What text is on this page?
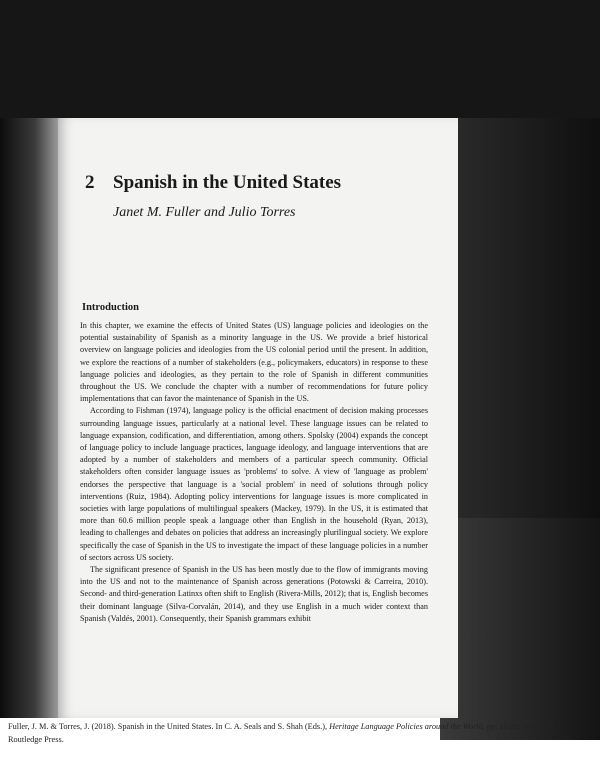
2 Spanish in the United States
Janet M. Fuller and Julio Torres
Introduction

In this chapter, we examine the effects of United States (US) language policies and ideologies on the potential sustainability of Spanish as a minority language in the US. We provide a brief historical overview on language policies and ideologies from the US colonial period until the present. In addition, we explore the reactions of a number of stakeholders (e.g., policymakers, educators) in response to these language policies and ideologies, as they pertain to the role of Spanish in different communities throughout the US. We conclude the chapter with a number of recommendations for future policy implementations that can favor the maintenance of Spanish in the US.

According to Fishman (1974), language policy is the official enactment of decision making processes surrounding language issues, particularly at a national level. These language issues can be related to language expansion, codification, and differentiation, among others. Spolsky (2004) expands the concept of language policy to include language practices, language ideology, and language interventions that are adopted by a number of stakeholders and members of a particular speech community. Official stakeholders often consider language issues as 'problems' to solve. A view of 'language as problem' endorses the perspective that language is a 'social problem' in need of solutions through policy interventions (Ruiz, 1984). Adopting policy interventions for language issues is more complicated in societies with large populations of multilingual speakers (Mackey, 1979). In the US, it is estimated that more than 60.6 million people speak a language other than English in the household (Ryan, 2013), leading to challenges and debates on policies that address an increasingly plurilingual society. We explore specifically the case of Spanish in the US to investigate the impact of these language policies in a number of sectors across US society.

The significant presence of Spanish in the US has been mostly due to the flow of immigrants moving into the US and not to the maintenance of Spanish across generations (Potowski & Carreira, 2010). Second- and third-generation Latinxs often shift to English (Rivera-Mills, 2012); that is, English becomes their dominant language (Silva-Corvalán, 2014), and they use English in a much wider context than Spanish (Valdés, 2001). Consequently, their Spanish grammars exhibit

Fuller, J. M. & Torres, J. (2018). Spanish in the United States. In C. A. Seals and S. Shah (Eds.), Heritage Language Policies around the World, pp. 11-29. New York: Routledge Press.
